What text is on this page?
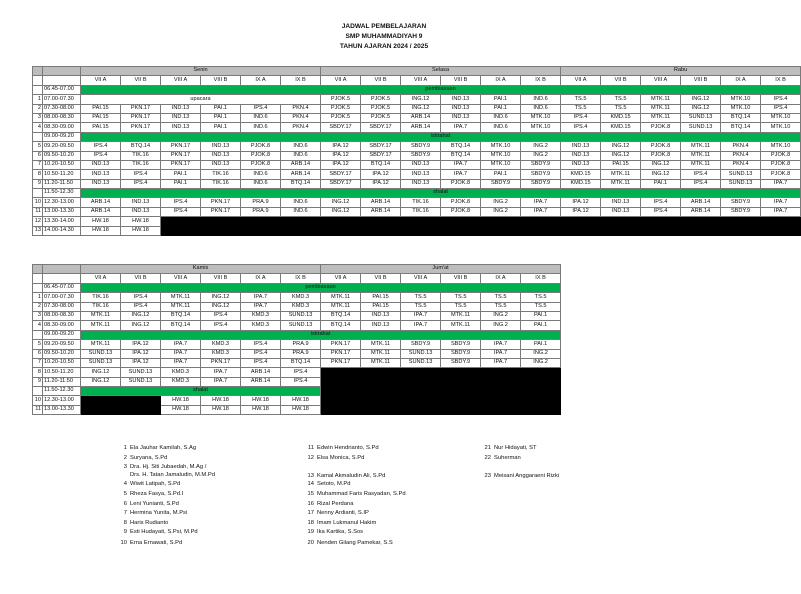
JADWAL PEMBELAJARAN
SMP MUHAMMADIYAH 9
TAHUN AJARAN 2024 / 2025
		Senin						Selasa						Rabu					
		VII A	VII B	VIII A	VIII B	IX A	IX B	VII A	VII B	VIII A	VIII B	IX A	IX B	VII A	VII B	VIII A	VIII B	IX A	IX B
	06.45-07.00	pembiasaan																	
1	07.00-07.30	upacara						PJOK.5	PJOK.5	ING.12	IND.13	PAI.1	IND.6	TS.5	TS.5	MTK.11	ING.12	MTK.10	IPS.4
2	07.30-08.00	PAI.15	PKN.17	IND.13	PAI.1	IPS.4	PKN.4	PJOK.5	PJOK.5	ING.12	IND.13	PAI.1	IND.6	TS.5	TS.5	MTK.11	ING.12	MTK.10	IPS.4
3	08.00-08.30	PAI.15	PKN.17	IND.13	PAI.1	IND.6	PKN.4	PJOK.5	PJOK.5	ARB.14	IND.13	IND.6	MTK.10	IPS.4	KMD.15	MTK.11	SUND.13	BTQ.14	MTK.10
4	08.30-09.00	PAI.15	PKN.17	IND.13	PAI.1	IND.6	PKN.4	SBDY.17	SBDY.17	ARB.14	IPA.7	IND.6	MTK.10	IPS.4	KMD.15	PJOK.8	SUND.13	BTQ.14	MTK.10
	09.00-09.20	istirahat																	
5	09.20-09.50	IPS.4	BTQ.14	PKN.17	IND.13	PJOK.8	IND.6	IPA.12	SBDY.17	SBDY.9	BTQ.14	MTK.10	ING.2	IND.13	ING.12	PJOK.8	MTK.11	PKN.4	MTK.10
6	09.50-10.20	IPS.4	TIK.16	PKN.17	IND.13	PJOK.8	IND.6	IPA.12	SBDY.17	SBDY.9	BTQ.14	MTK.10	ING.2	IND.13	ING.12	PJOK.8	MTK.11	PKN.4	PJOK.8
7	10.20-10.50	IND.13	TIK.16	PKN.17	IND.13	PJOK.8	ARB.14	IPA.12	BTQ.14	IND.13	IPA.7	MTK.10	SBDY.9	IND.13	PAI.15	ING.12	MTK.11	PKN.4	PJOK.8
8	10.50-11.20	IND.13	IPS.4	PAI.1	TIK.16	IND.6	ARB.14	SBDY.17	IPA.12	IND.13	IPA.7	PAI.1	SBDY.9	KMD.15	MTK.11	ING.12	IPS.4	SUND.13	PJOK.8
9	11.20-11.50	IND.13	IPS.4	PAI.1	TIK.16	IND.6	BTQ.14	SBDY.17	IPA.12	IND.13	PJOK.8	SBDY.9	SBDY.9	KMD.15	MTK.11	PAI.1	IPS.4	SUND.13	IPA.7
	11.50-12.30	shalat																	
10	12.30-13.00	ARB.14	IND.13	IPS.4	PKN.17	PRA.9	IND.6	ING.12	ARB.14	TIK.16	PJOK.8	ING.2	IPA.7	IPA.12	IND.13	IPS.4	ARB.14	SBDY.9	IPA.7
11	13.00-13.30	ARB.14	IND.13	IPS.4	PKN.17	PRA.9	IND.6	ING.12	ARB.14	TIK.16	PJOK.8	ING.2	IPA.7	IPA.12	IND.13	IPS.4	ARB.14	SBDY.9	IPA.7
12	13.30-14.00	HW.18	HW.18																
13	14.00-14.30	HW.18	HW.18																
		Kamis						Jum'at					
		VII A	VII B	VIII A	VIII B	IX A	IX B	VII A	VII B	VIII A	VIII B	IX A	IX B
	06.45-07.00	pembiasaan											
1	07.00-07.30	TIK.16	IPS.4	MTK.11	ING.12	IPA.7	KMD.3	MTK.11	PAI.15	TS.5	TS.5	TS.5	TS.5
2	07.30-08.00	TIK.16	IPS.4	MTK.11	ING.12	IPA.7	KMD.3	MTK.11	PAI.15	TS.5	TS.5	TS.5	TS.5
3	08.00-08.30	MTK.11	ING.12	BTQ.14	IPS.4	KMD.3	SUND.13	BTQ.14	IND.13	IPA.7	MTK.11	ING.2	PAI.1
4	08.30-09.00	MTK.11	ING.12	BTQ.14	IPS.4	KMD.3	SUND.13	BTQ.14	IND.13	IPA.7	MTK.11	ING.2	PAI.1
	09.00-09.20	istirahat											
5	09.20-09.50	MTK.11	IPA.12	IPA.7	KMD.3	IPS.4	PRA.9	PKN.17	MTK.11	SBDY.9	SBDY.9	IPA.7	PAI.1
6	09.50-10.20	SUND.13	IPA.12	IPA.7	KMD.3	IPS.4	PRA.9	PKN.17	MTK.11	SUND.13	SBDY.9	IPA.7	ING.2
7	10.20-10.50	SUND.13	IPA.12	IPA.7	PKN.17	IPS.4	BTQ.14	PKN.17	MTK.11	SUND.13	SBDY.9	IPA.7	ING.2
8	10.50-11.20	ING.12	SUND.13	KMD.3	IPA.7	ARB.14	IPS.4						
9	11.20-11.50	ING.12	SUND.13	KMD.3	IPA.7	ARB.14	IPS.4						
	11.50-12.30	shalat											
10	12.30-13.00			HW.18	HW.18	HW.18	HW.18						
11	13.00-13.30			HW.18	HW.18	HW.18	HW.18						
1 Ela Jauhar Kamilah, S.Ag
2 Suryana, S.Pd
3 Dra. Hj. Siti Jubaedah, M.Ag /
Drs. H. Tatan Jamaludin, M.M.Pd
4 Wiwit Latipah, S.Pd
5 Rheza Fasya, S.Pd.I
6 Leni Yunianti, S.Pd
7 Hermina Yunita, M.Psi
8 Haris Rudianto
9 Esti Hudayati, S.Psi, M.Pd
10 Erna Ernawati, S.Pd
11 Edwin Hendrianto, S.Pd
12 Elsa Monica, S.Pd
13 Kamal Akmaludin Ali, S.Pd
14 Setoto, M.Pd
15 Muhammad Faris Rasyadan, S.Pd
16 Rizal Perdana
17 Nenny Ardianti, S.IP
18 Imam Lukmanul Hakim
19 Ika Kartika, S.Sos
20 Nenden Gilang Pamekar, S.S
21 Nur Hidayati, ST
22 Suherman
23 Meisani Anggaraeni Rizki
